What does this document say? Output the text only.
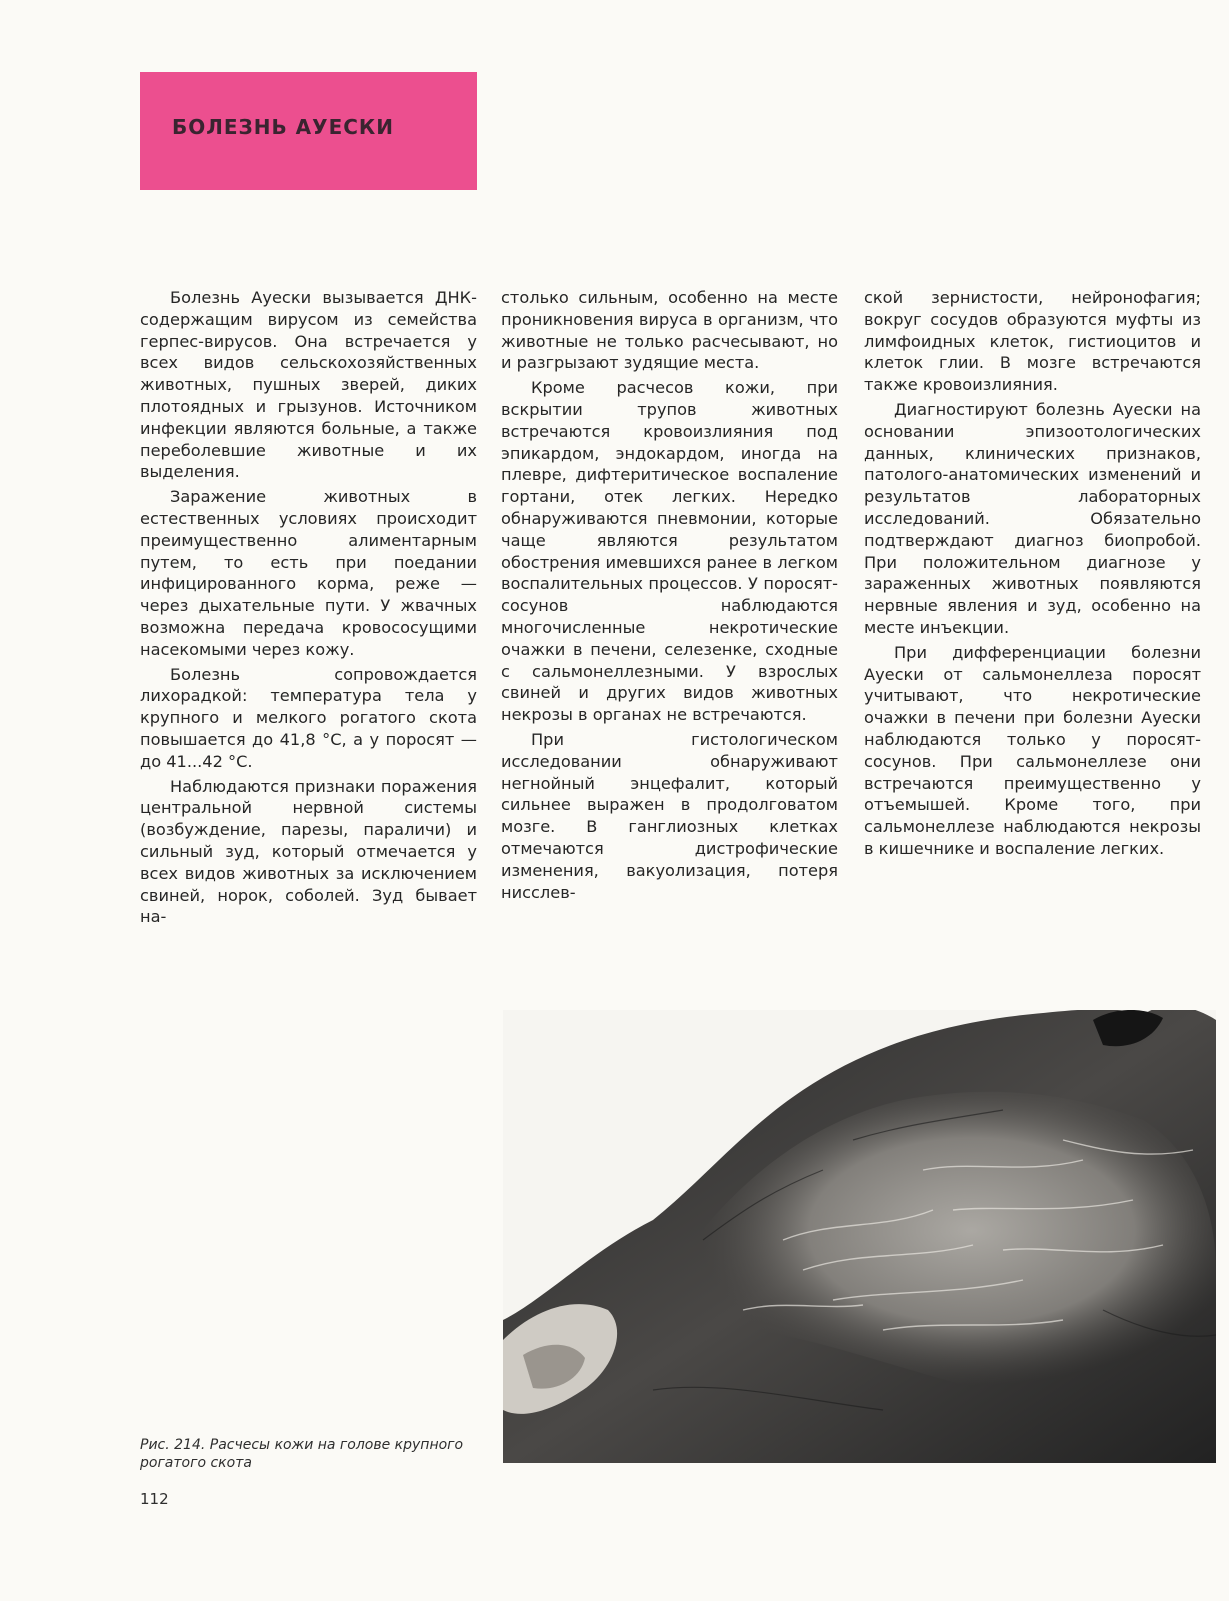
БОЛЕЗНЬ АУЕСКИ

Болезнь Ауески вызывается ДНК-содержащим вирусом из семейства герпес-вирусов. Она встречается у всех видов сельскохозяйственных животных, пушных зверей, диких плотоядных и грызунов. Источником инфекции являются больные, а также переболевшие животные и их выделения.

Заражение животных в естественных условиях происходит преимущественно алиментарным путем, то есть при поедании инфицированного корма, реже — через дыхательные пути. У жвачных возможна передача кровососущими насекомыми через кожу.

Болезнь сопровождается лихорадкой: температура тела у крупного и мелкого рогатого скота повышается до 41,8 °С, а у поросят — до 41...42 °С.

Наблюдаются признаки поражения центральной нервной системы (возбуждение, парезы, параличи) и сильный зуд, который отмечается у всех видов животных за исключением свиней, норок, соболей. Зуд бывает на-

столько сильным, особенно на месте проникновения вируса в организм, что животные не только расчесывают, но и разгрызают зудящие места.

Кроме расчесов кожи, при вскрытии трупов животных встречаются кровоизлияния под эпикардом, эндокардом, иногда на плевре, дифтеритическое воспаление гортани, отек легких. Нередко обнаруживаются пневмонии, которые чаще являются результатом обострения имевшихся ранее в легком воспалительных процессов. У поросят-сосунов наблюдаются многочисленные некротические очажки в печени, селезенке, сходные с сальмонеллезными. У взрослых свиней и других видов животных некрозы в органах не встречаются.

При гистологическом исследовании обнаруживают негнойный энцефалит, который сильнее выражен в продолговатом мозге. В ганглиозных клетках отмечаются дистрофические изменения, вакуолизация, потеря нисслев-

ской зернистости, нейронофагия; вокруг сосудов образуются муфты из лимфоидных клеток, гистиоцитов и клеток глии. В мозге встречаются также кровоизлияния.

Диагностируют болезнь Ауески на основании эпизоотологических данных, клинических признаков, патолого-анатомических изменений и результатов лабораторных исследований. Обязательно подтверждают диагноз биопробой. При положительном диагнозе у зараженных животных появляются нервные явления и зуд, особенно на месте инъекции.

При дифференциации болезни Ауески от сальмонеллеза поросят учитывают, что некротические очажки в печени при болезни Ауески наблюдаются только у поросят-сосунов. При сальмонеллезе они встречаются преимущественно у отъемышей. Кроме того, при сальмонеллезе наблюдаются некрозы в кишечнике и воспаление легких.

Рис. 214. Расчесы кожи на голове крупного рогатого скота
112
